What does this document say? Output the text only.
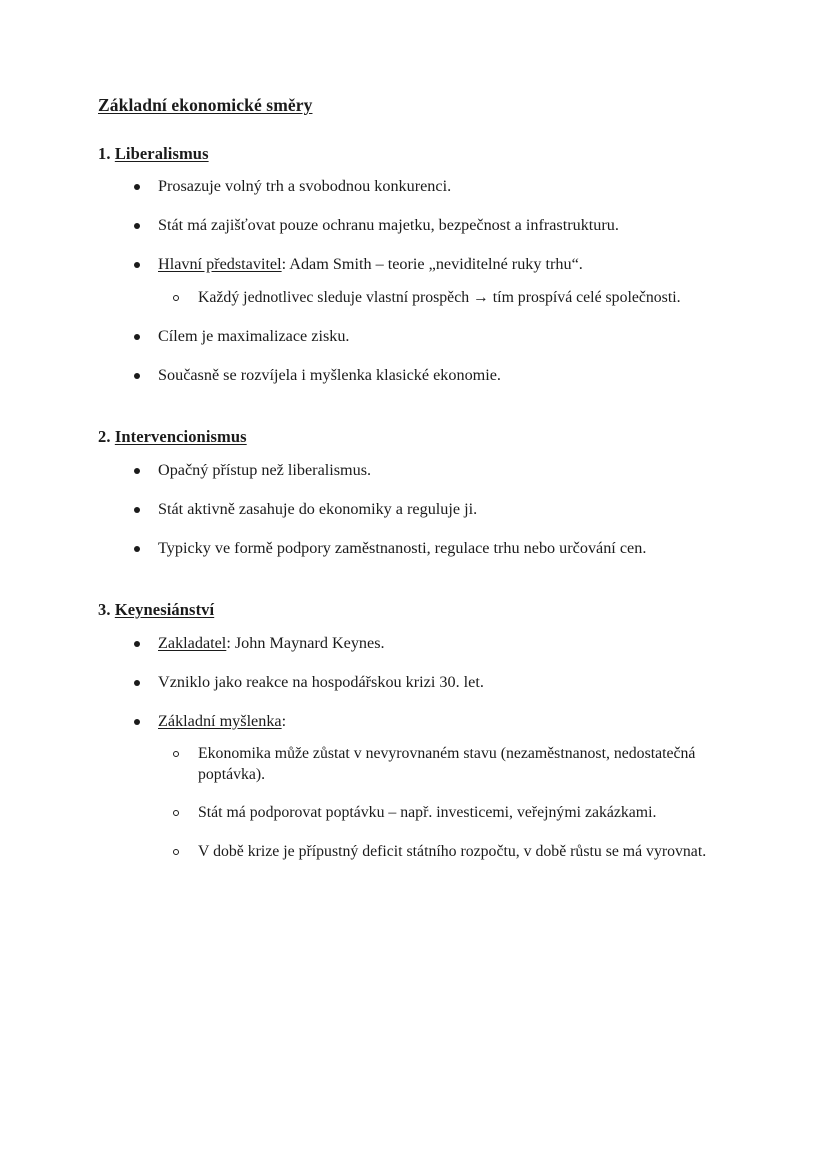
Základní ekonomické směry
1. Liberalismus
Prosazuje volný trh a svobodnou konkurenci.
Stát má zajišťovat pouze ochranu majetku, bezpečnost a infrastrukturu.
Hlavní představitel: Adam Smith – teorie „neviditelné ruky trhu“.
Každý jednotlivec sleduje vlastní prospěch → tím prospívá celé společnosti.
Cílem je maximalizace zisku.
Současně se rozvíjela i myšlenka klasické ekonomie.
2. Intervencionismus
Opačný přístup než liberalismus.
Stát aktivně zasahuje do ekonomiky a reguluje ji.
Typicky ve formě podpory zaměstnanosti, regulace trhu nebo určování cen.
3. Keynesiánství
Zakladatel: John Maynard Keynes.
Vzniklo jako reakce na hospodářskou krizi 30. let.
Základní myšlenka:
Ekonomika může zůstat v nevyrovnaném stavu (nezaměstnanost, nedostatečná poptávka).
Stát má podporovat poptávku – např. investicemi, veřejnými zakázkami.
V době krize je přípustný deficit státního rozpočtu, v době růstu se má vyrovnat.
